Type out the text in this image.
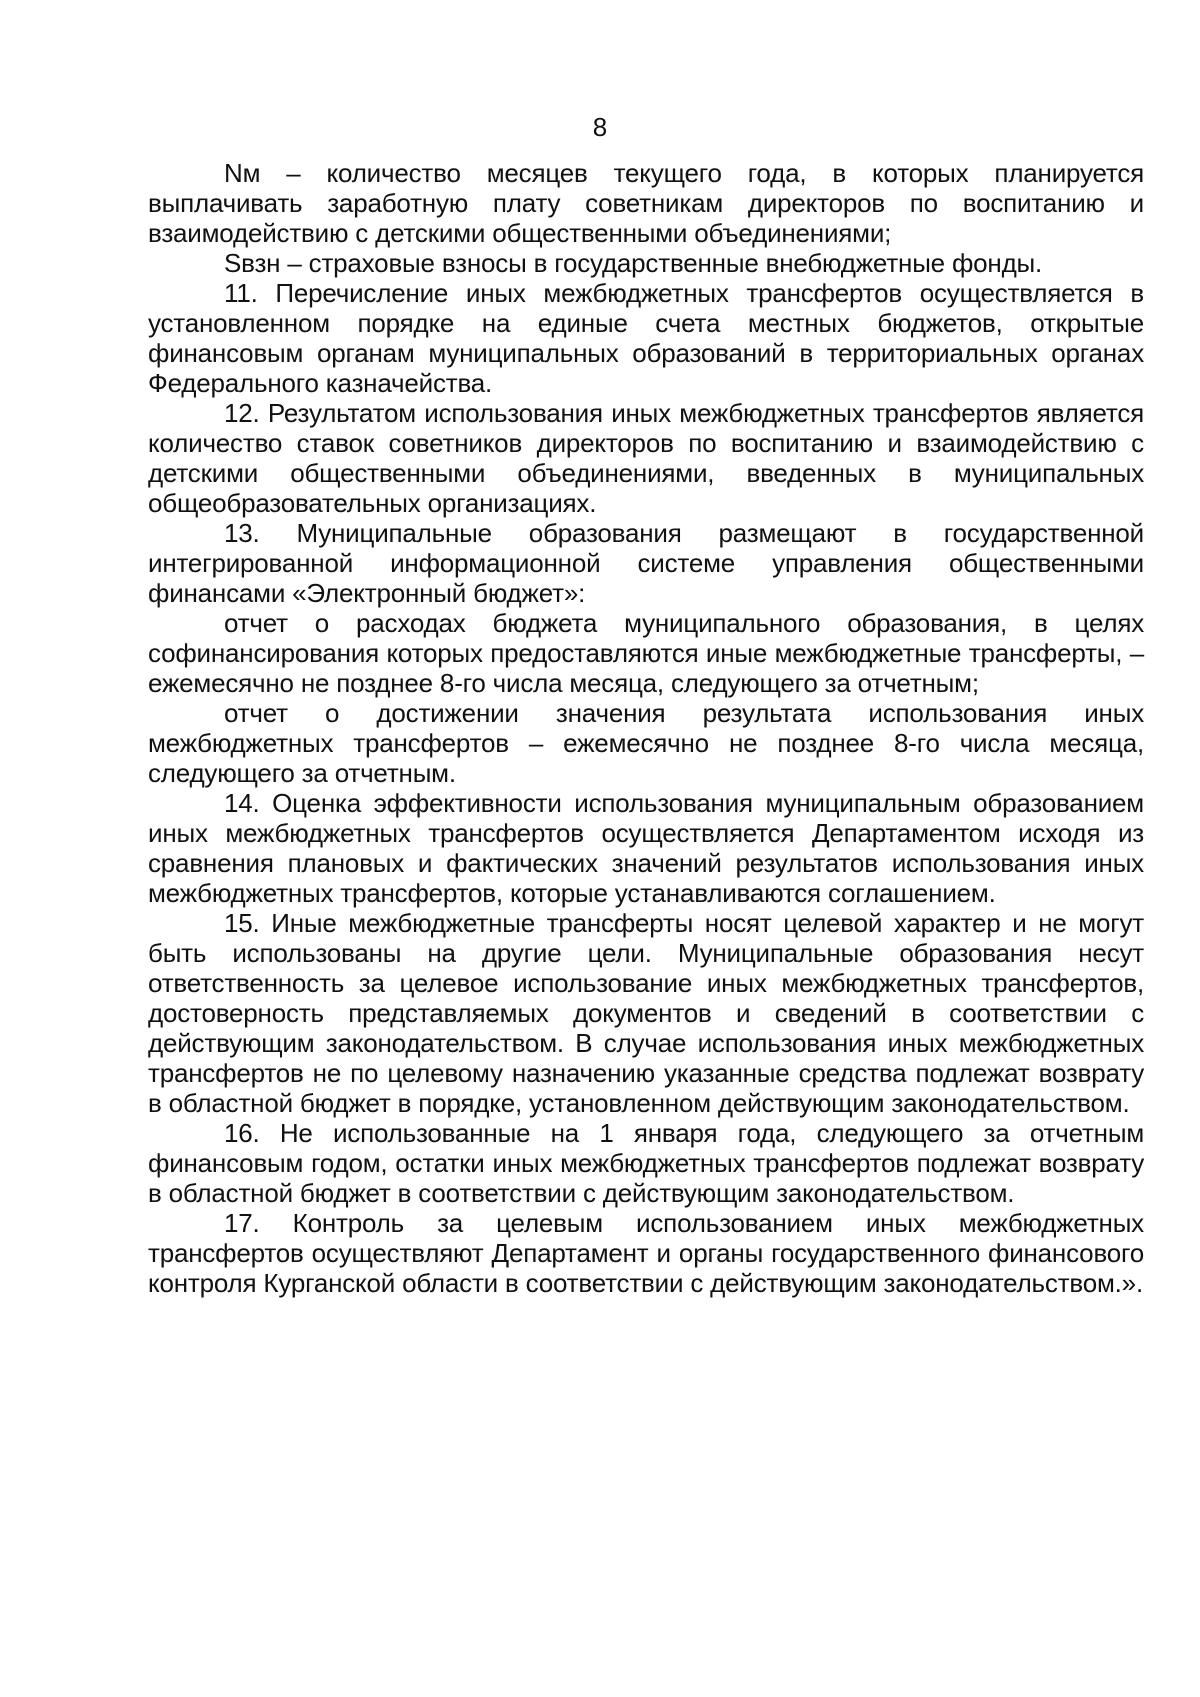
8

Nм – количество месяцев текущего года, в которых планируется выплачивать заработную плату советникам директоров по воспитанию и взаимодействию с детскими общественными объединениями;

Sвзн – страховые взносы в государственные внебюджетные фонды.

11. Перечисление иных межбюджетных трансфертов осуществляется в установленном порядке на единые счета местных бюджетов, открытые финансовым органам муниципальных образований в территориальных органах Федерального казначейства.

12. Результатом использования иных межбюджетных трансфертов является количество ставок советников директоров по воспитанию и взаимодействию с детскими общественными объединениями, введенных в муниципальных общеобразовательных организациях.

13. Муниципальные образования размещают в государственной интегрированной информационной системе управления общественными финансами «Электронный бюджет»:

отчет о расходах бюджета муниципального образования, в целях софинансирования которых предоставляются иные межбюджетные трансферты, – ежемесячно не позднее 8-го числа месяца, следующего за отчетным;

отчет о достижении значения результата использования иных межбюджетных трансфертов – ежемесячно не позднее 8-го числа месяца, следующего за отчетным.

14. Оценка эффективности использования муниципальным образованием иных межбюджетных трансфертов осуществляется Департаментом исходя из сравнения плановых и фактических значений результатов использования иных межбюджетных трансфертов, которые устанавливаются соглашением.

15. Иные межбюджетные трансферты носят целевой характер и не могут быть использованы на другие цели. Муниципальные образования несут ответственность за целевое использование иных межбюджетных трансфертов, достоверность представляемых документов и сведений в соответствии с действующим законодательством. В случае использования иных межбюджетных трансфертов не по целевому назначению указанные средства подлежат возврату в областной бюджет в порядке, установленном действующим законодательством.

16. Не использованные на 1 января года, следующего за отчетным финансовым годом, остатки иных межбюджетных трансфертов подлежат возврату в областной бюджет в соответствии с действующим законодательством.

17. Контроль за целевым использованием иных межбюджетных трансфертов осуществляют Департамент и органы государственного финансового контроля Курганской области в соответствии с действующим законодательством.».
